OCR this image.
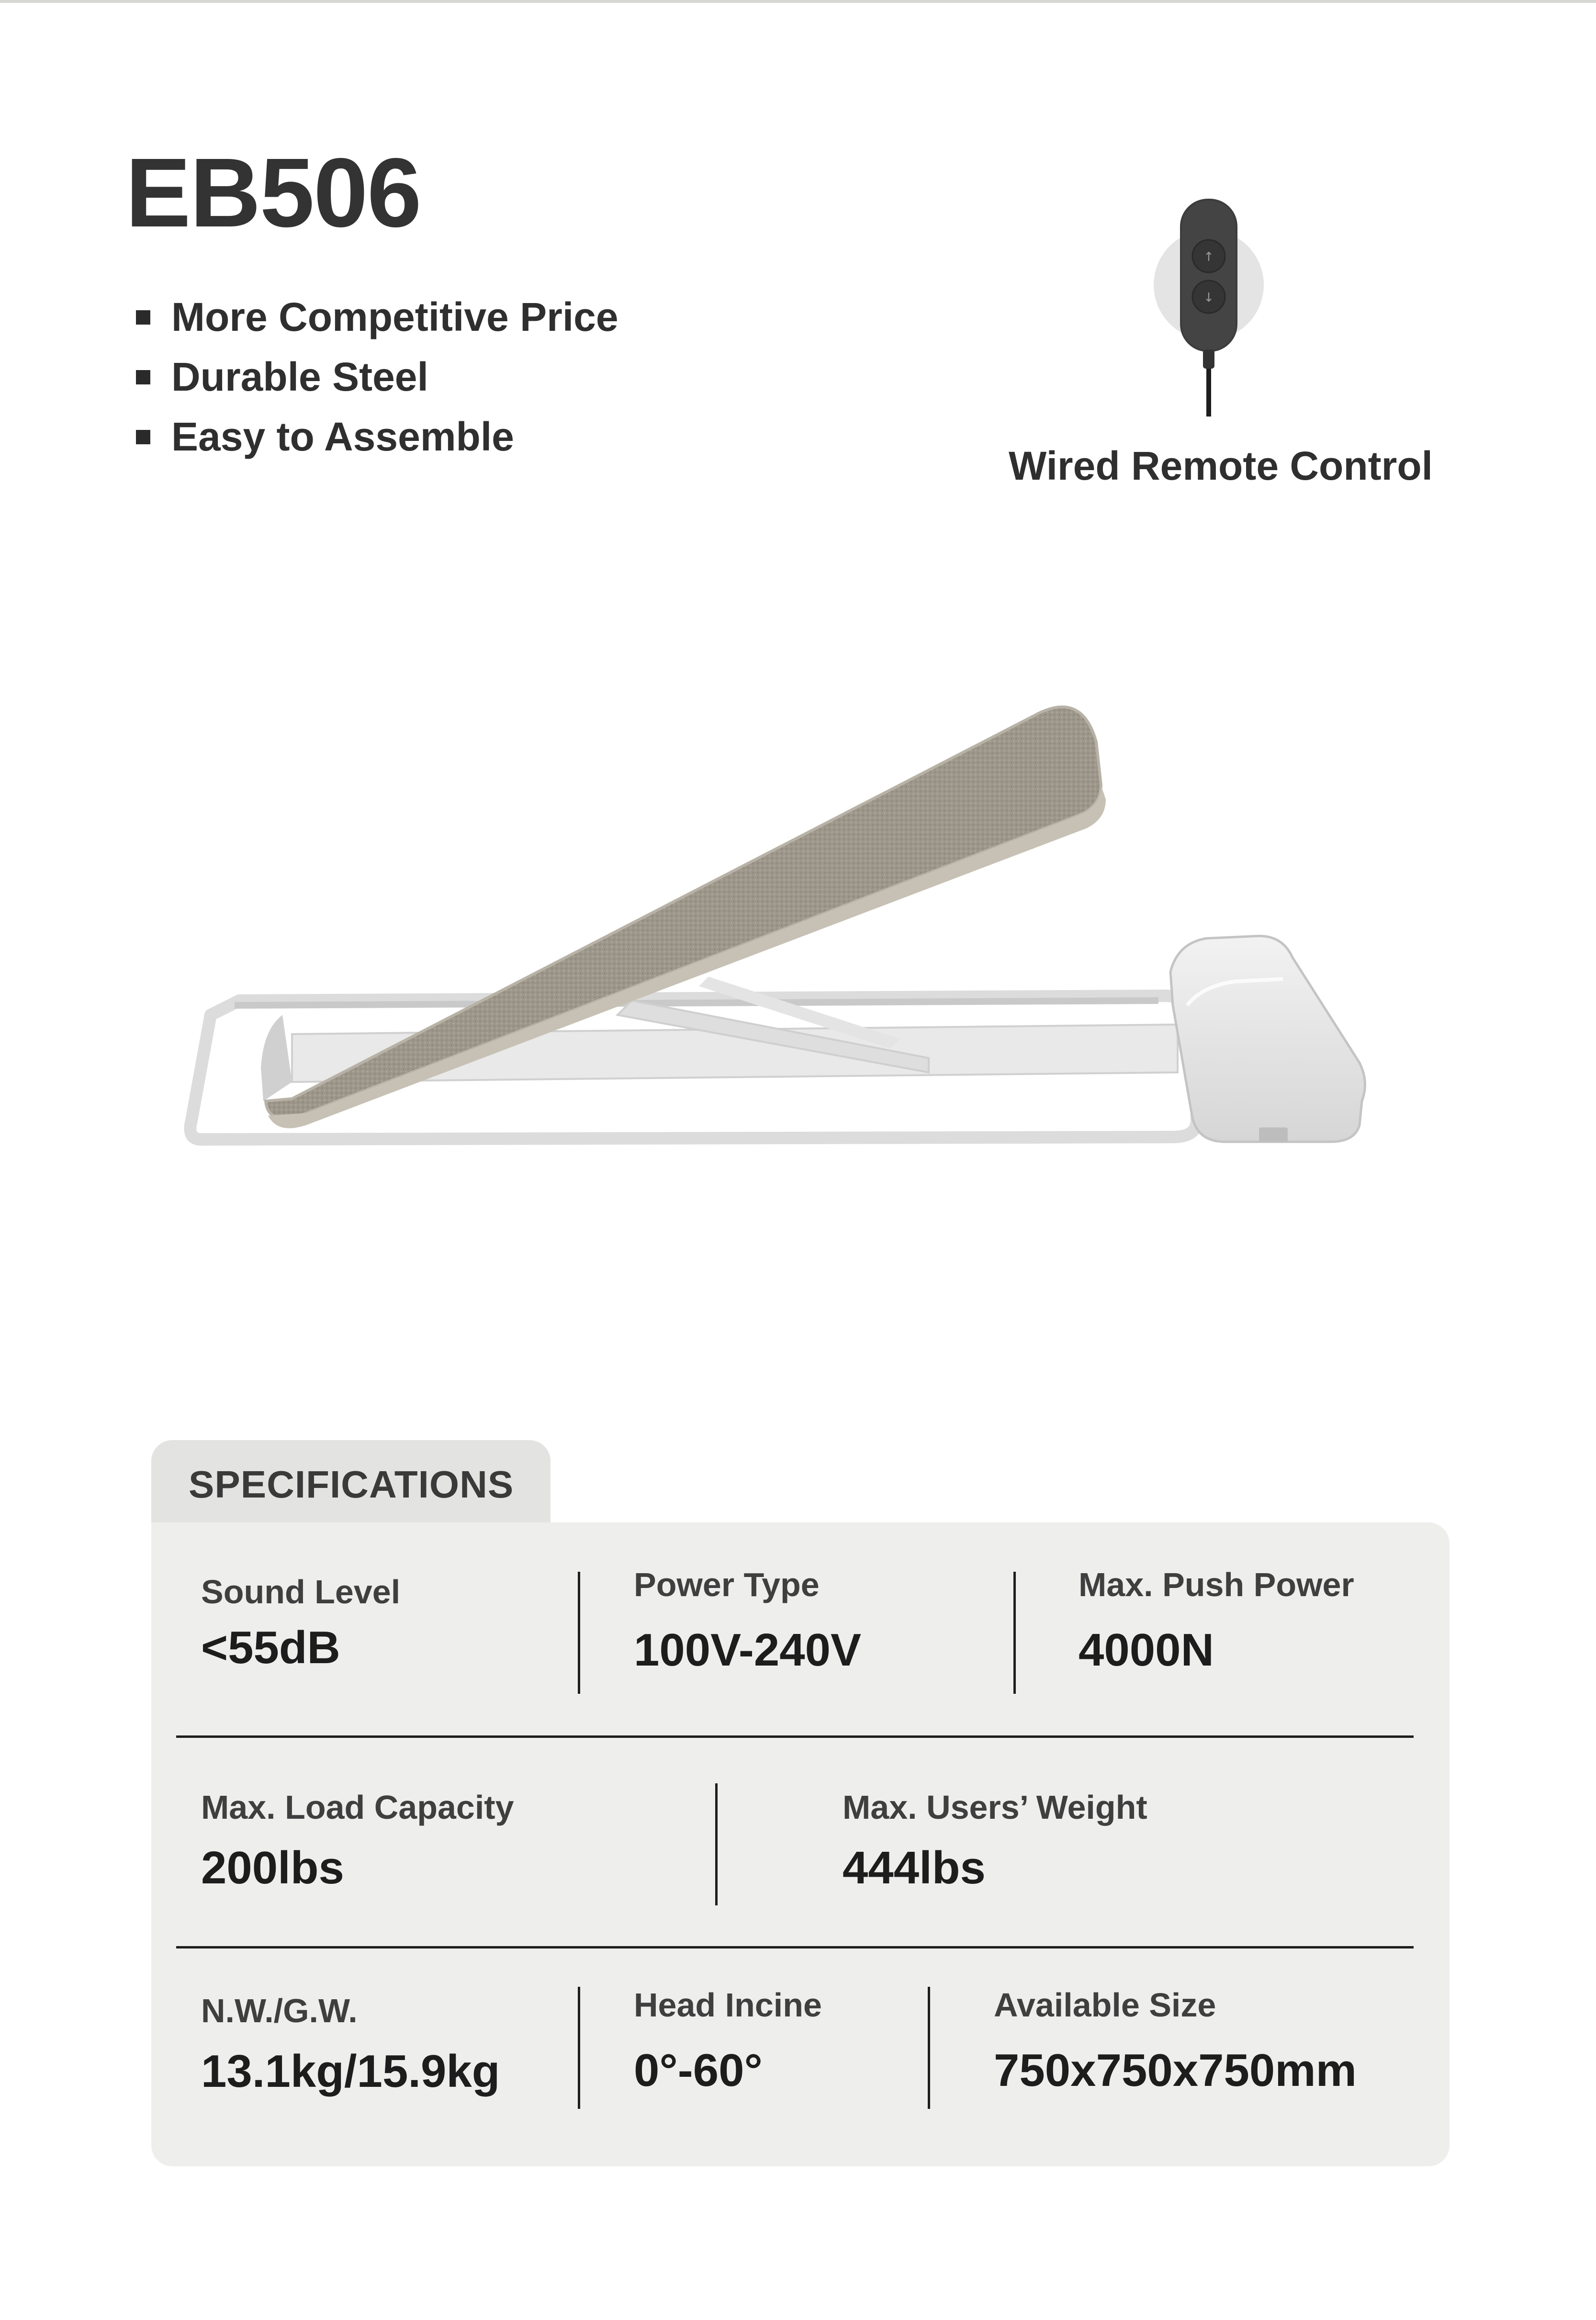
EB506
More Competitive Price
Durable Steel
Easy to Assemble
↑
↓
Wired Remote Control
SPECIFICATIONS
Sound Level
<55dB
Power Type
100V-240V
Max. Push Power
4000N
Max. Load Capacity
200lbs
Max. Users’ Weight
444lbs
N.W./G.W.
13.1kg/15.9kg
Head Incine
0°-60°
Available Size
750x750x750mm
